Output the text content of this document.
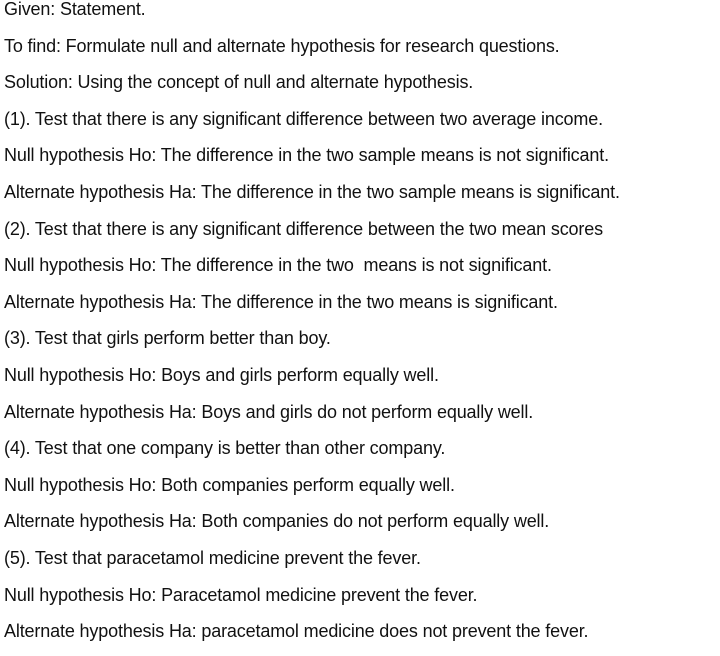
Given: Statement.
To find: Formulate null and alternate hypothesis for research questions.
Solution: Using the concept of null and alternate hypothesis.
(1). Test that there is any significant difference between two average income.
Null hypothesis Ho: The difference in the two sample means is not significant.
Alternate hypothesis Ha: The difference in the two sample means is significant.
(2). Test that there is any significant difference between the two mean scores
Null hypothesis Ho: The difference in the two  means is not significant.
Alternate hypothesis Ha: The difference in the two means is significant.
(3). Test that girls perform better than boy.
Null hypothesis Ho: Boys and girls perform equally well.
Alternate hypothesis Ha: Boys and girls do not perform equally well.
(4). Test that one company is better than other company.
Null hypothesis Ho: Both companies perform equally well.
Alternate hypothesis Ha: Both companies do not perform equally well.
(5). Test that paracetamol medicine prevent the fever.
Null hypothesis Ho: Paracetamol medicine prevent the fever.
Alternate hypothesis Ha: paracetamol medicine does not prevent the fever.
